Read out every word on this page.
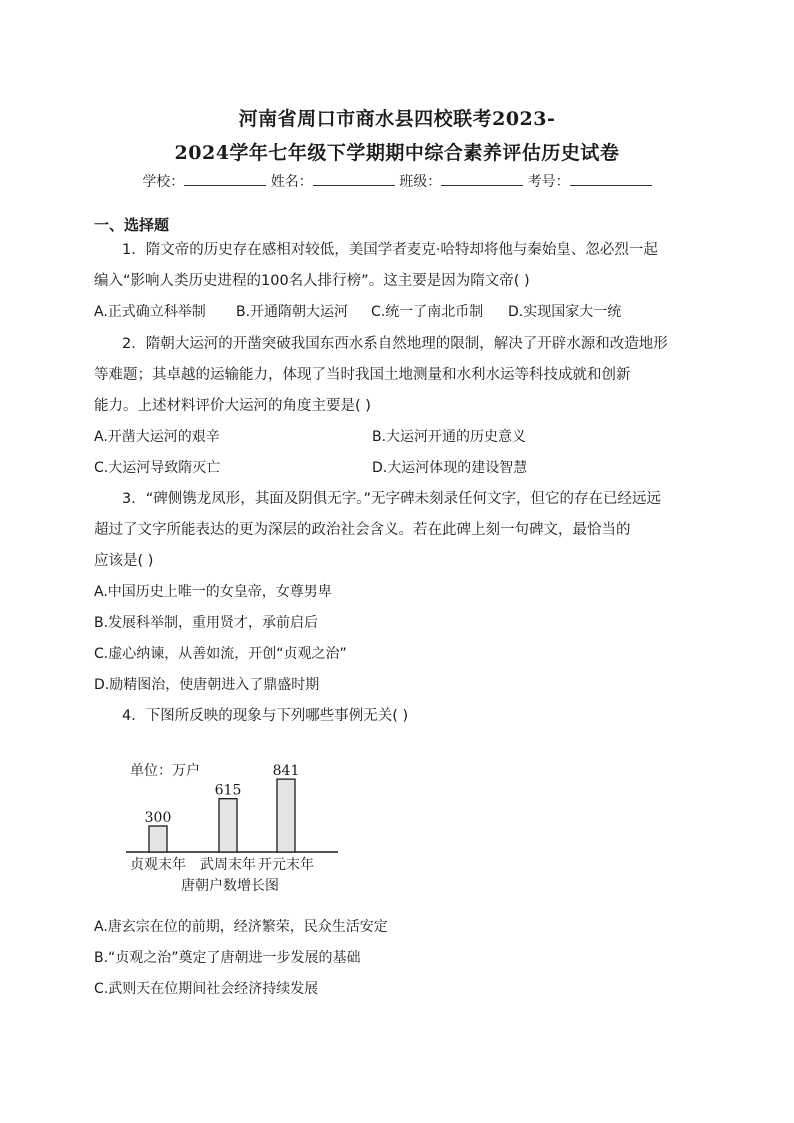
河南省周口市商水县四校联考2023-
2024学年七年级下学期期中综合素养评估历史试卷
学校：	姓名：	班级：	考号：
一、选择题
1．隋文帝的历史存在感相对较低，美国学者麦克·哈特却将他与秦始皇、忽必烈一起
编入“影响人类历史进程的100名人排行榜”。这主要是因为隋文帝( )
A.正式确立科举制 B.开通隋朝大运河 C.统一了南北币制 D.实现国家大一统
2．隋朝大运河的开凿突破我国东西水系自然地理的限制，解决了开辟水源和改造地形
等难题；其卓越的运输能力，体现了当时我国土地测量和水利水运等科技成就和创新
能力。上述材料评价大运河的角度主要是( )
A.开凿大运河的艰辛	B.大运河开通的历史意义
C.大运河导致隋灭亡	D.大运河体现的建设智慧
3．“碑侧镌龙凤形，其面及阴俱无字。”无字碑未刻录任何文字，但它的存在已经远远
超过了文字所能表达的更为深层的政治社会含义。若在此碑上刻一句碑文，最恰当的
应该是( )
A.中国历史上唯一的女皇帝，女尊男卑
B.发展科举制，重用贤才，承前启后
C.虚心纳谏，从善如流，开创“贞观之治”
D.励精图治，使唐朝进入了鼎盛时期
4．下图所反映的现象与下列哪些事例无关( )
单位：万户
300
贞观末年
615
武周末年
841
开元末年
唐朝户数增长图
A.唐玄宗在位的前期，经济繁荣，民众生活安定
B.“贞观之治”奠定了唐朝进一步发展的基础
C.武则天在位期间社会经济持续发展
